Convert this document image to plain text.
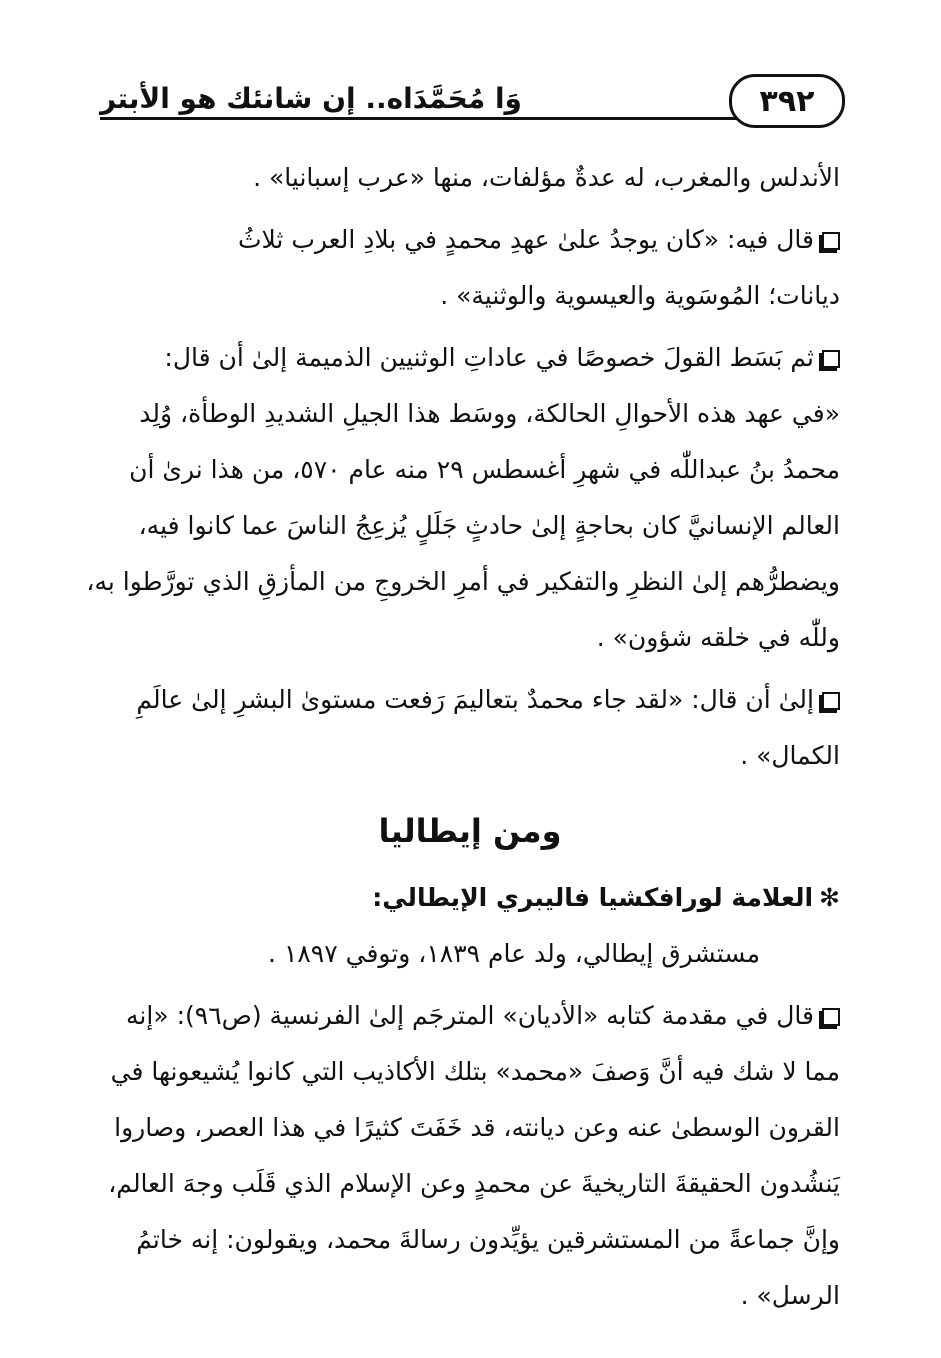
وَا مُحَمَّدَاه.. إن شانئك هو الأبتر	٣٩٢
الأندلس والمغرب، له عدةٌ مؤلفات، منها «عرب إسبانيا» .
قال فيه: «كان يوجدُ علىٰ عهدِ محمدٍ في بلادِ العرب ثلاثُ
ديانات؛ المُوسَوية والعيسوية والوثنية» .
ثم بَسَط القولَ خصوصًا في عاداتِ الوثنيين الذميمة إلىٰ أن قال:
«في عهد هذه الأحوالِ الحالكة، ووسَط هذا الجيلِ الشديدِ الوطأة، وُلِد
محمدُ بنُ عبداللّٰه في شهرِ أغسطس ٢٩ منه عام ٥٧٠، من هذا نرىٰ أن
العالم الإنسانيَّ كان بحاجةٍ إلىٰ حادثٍ جَلَلٍ يُزعِجُ الناسَ عما كانوا فيه،
ويضطرُّهم إلىٰ النظرِ والتفكير في أمرِ الخروجِ من المأزقِ الذي تورَّطوا به،
وللّٰه في خلقه شؤون» .
إلىٰ أن قال: «لقد جاء محمدٌ بتعاليمَ رَفعت مستوىٰ البشرِ إلىٰ عالَمِ
الكمال» .
ومن إيطاليا
✻العلامة لورافكشيا فاليبري الإيطالي:
مستشرق إيطالي، ولد عام ١٨٣٩، وتوفي ١٨٩٧ .
قال في مقدمة كتابه «الأديان» المترجَم إلىٰ الفرنسية (ص٩٦): «إنه
مما لا شك فيه أنَّ وَصفَ «محمد» بتلك الأكاذيب التي كانوا يُشيعونها في
القرون الوسطىٰ عنه وعن ديانته، قد خَفَتَ كثيرًا في هذا العصر، وصاروا
يَنشُدون الحقيقةَ التاريخيةَ عن محمدٍ وعن الإسلام الذي قَلَب وجهَ العالم،
وإنَّ جماعةً من المستشرقين يؤيِّدون رسالةَ محمد، ويقولون: إنه خاتمُ
الرسل» .
